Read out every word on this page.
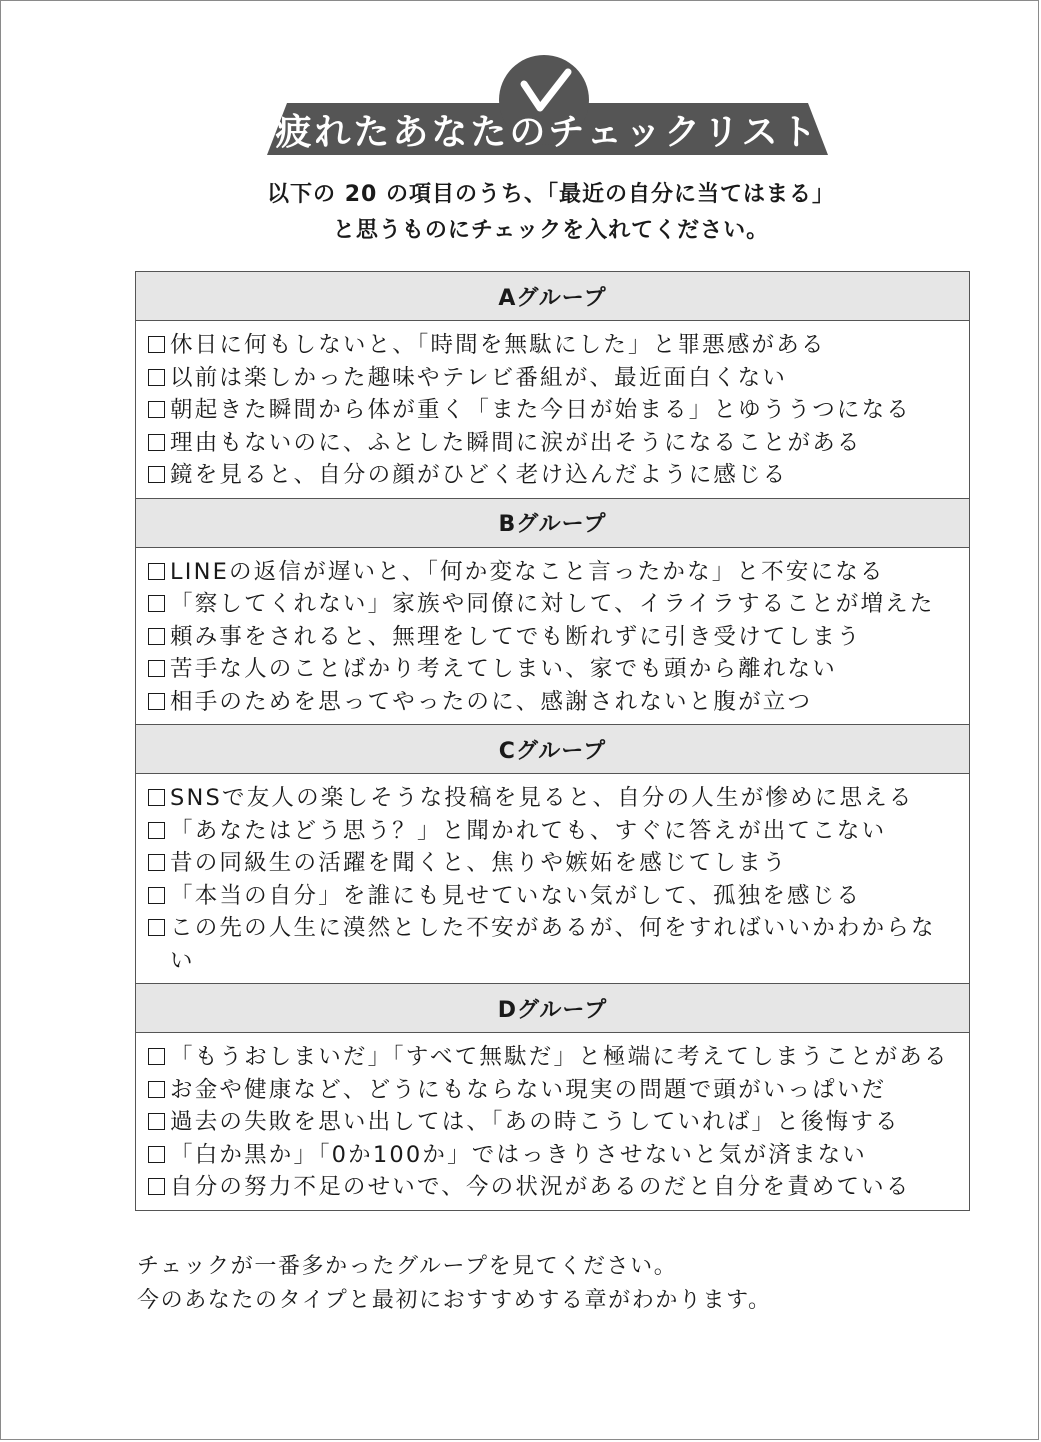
疲れたあなたのチェックリスト
以下の 20 の項目のうち、「最近の自分に当てはまる」
と思うものにチェックを入れてください。
Aグループ
休日に何もしないと、「時間を無駄にした」と罪悪感がある
以前は楽しかった趣味やテレビ番組が、最近面白くない
朝起きた瞬間から体が重く「また今日が始まる」とゆううつになる
理由もないのに、ふとした瞬間に涙が出そうになることがある
鏡を見ると、自分の顔がひどく老け込んだように感じる
Bグループ
LINEの返信が遅いと、「何か変なこと言ったかな」と不安になる
「察してくれない」家族や同僚に対して、イライラすることが増えた
頼み事をされると、無理をしてでも断れずに引き受けてしまう
苦手な人のことばかり考えてしまい、家でも頭から離れない
相手のためを思ってやったのに、感謝されないと腹が立つ
Cグループ
SNSで友人の楽しそうな投稿を見ると、自分の人生が惨めに思える
「あなたはどう思う？」と聞かれても、すぐに答えが出てこない
昔の同級生の活躍を聞くと、焦りや嫉妬を感じてしまう
「本当の自分」を誰にも見せていない気がして、孤独を感じる
この先の人生に漠然とした不安があるが、何をすればいいかわからない
Dグループ
「もうおしまいだ」「すべて無駄だ」と極端に考えてしまうことがある
お金や健康など、どうにもならない現実の問題で頭がいっぱいだ
過去の失敗を思い出しては、「あの時こうしていれば」と後悔する
「白か黒か」「0か100か」ではっきりさせないと気が済まない
自分の努力不足のせいで、今の状況があるのだと自分を責めている
チェックが一番多かったグループを見てください。
今のあなたのタイプと最初におすすめする章がわかります。
